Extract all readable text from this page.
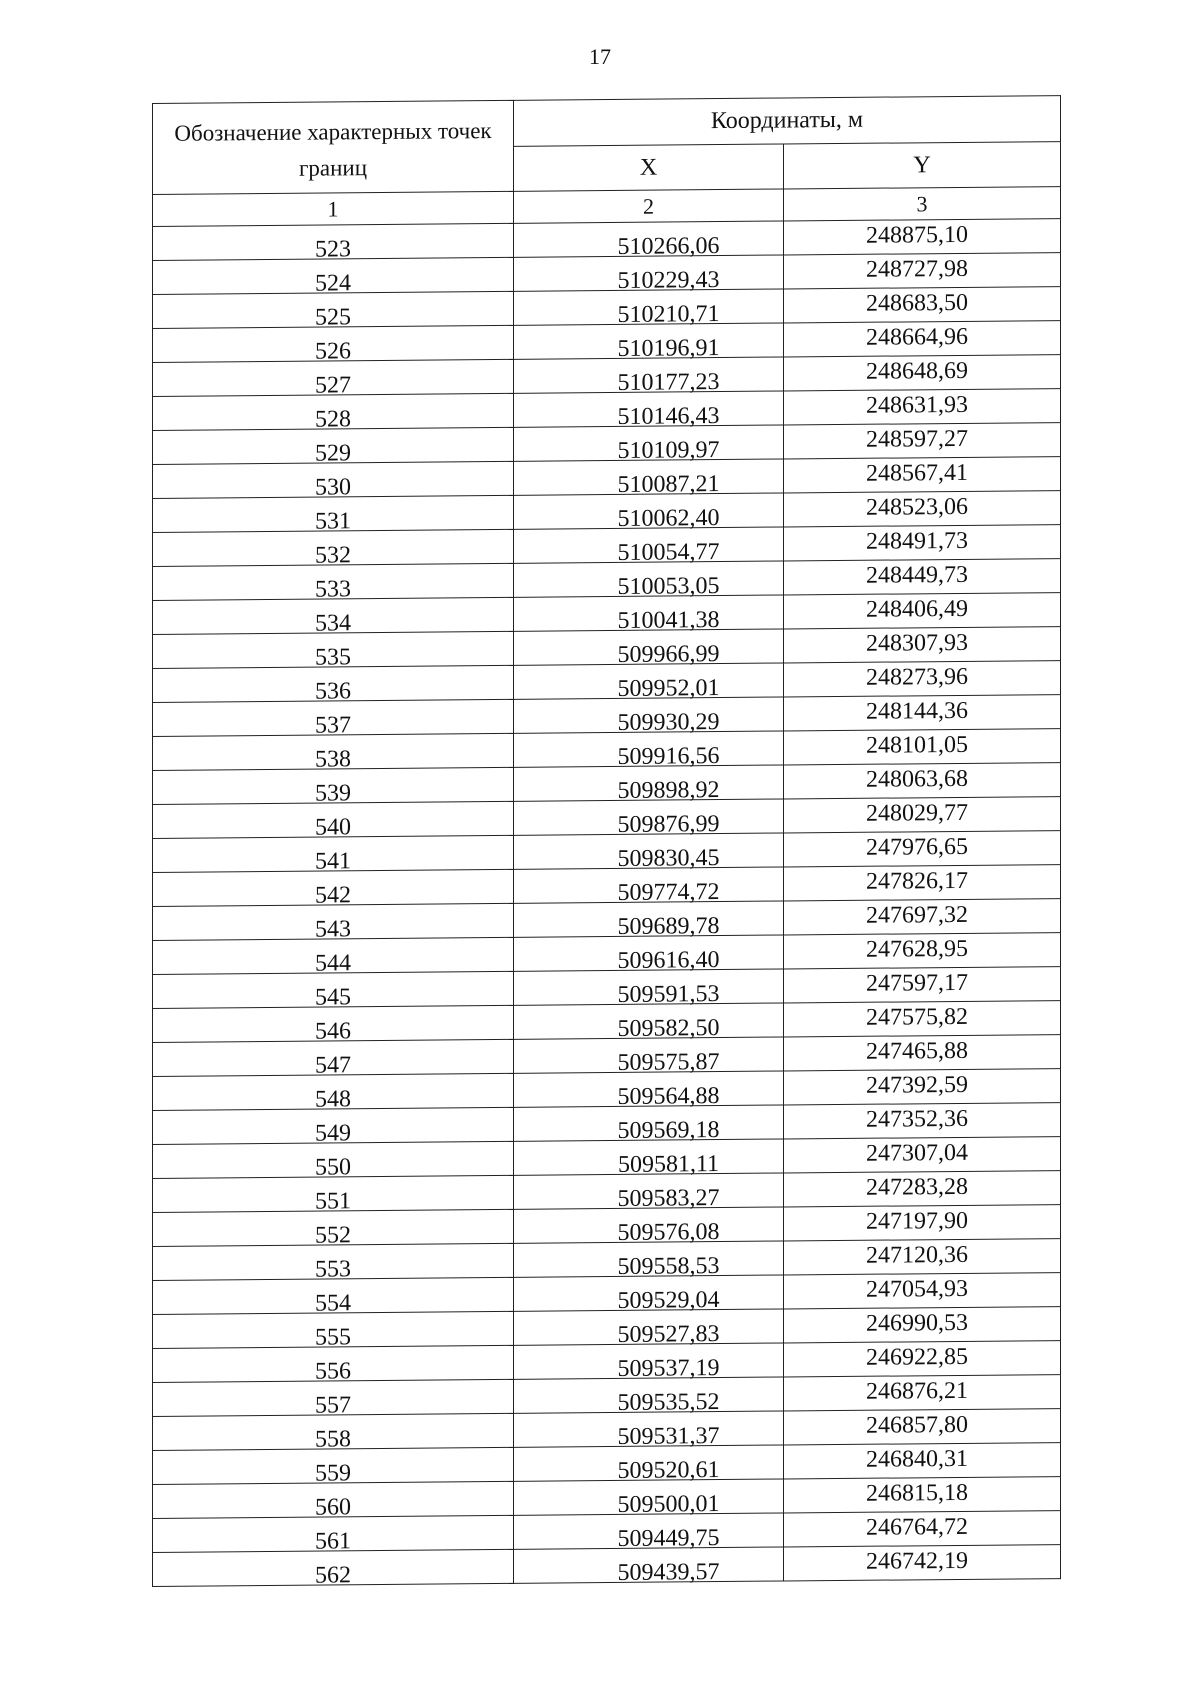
17
Обозначение характерных точек границ	Координаты, м	
	X	Y
1	2	3
523	510266,06	248875,10
524	510229,43	248727,98
525	510210,71	248683,50
526	510196,91	248664,96
527	510177,23	248648,69
528	510146,43	248631,93
529	510109,97	248597,27
530	510087,21	248567,41
531	510062,40	248523,06
532	510054,77	248491,73
533	510053,05	248449,73
534	510041,38	248406,49
535	509966,99	248307,93
536	509952,01	248273,96
537	509930,29	248144,36
538	509916,56	248101,05
539	509898,92	248063,68
540	509876,99	248029,77
541	509830,45	247976,65
542	509774,72	247826,17
543	509689,78	247697,32
544	509616,40	247628,95
545	509591,53	247597,17
546	509582,50	247575,82
547	509575,87	247465,88
548	509564,88	247392,59
549	509569,18	247352,36
550	509581,11	247307,04
551	509583,27	247283,28
552	509576,08	247197,90
553	509558,53	247120,36
554	509529,04	247054,93
555	509527,83	246990,53
556	509537,19	246922,85
557	509535,52	246876,21
558	509531,37	246857,80
559	509520,61	246840,31
560	509500,01	246815,18
561	509449,75	246764,72
562	509439,57	246742,19
